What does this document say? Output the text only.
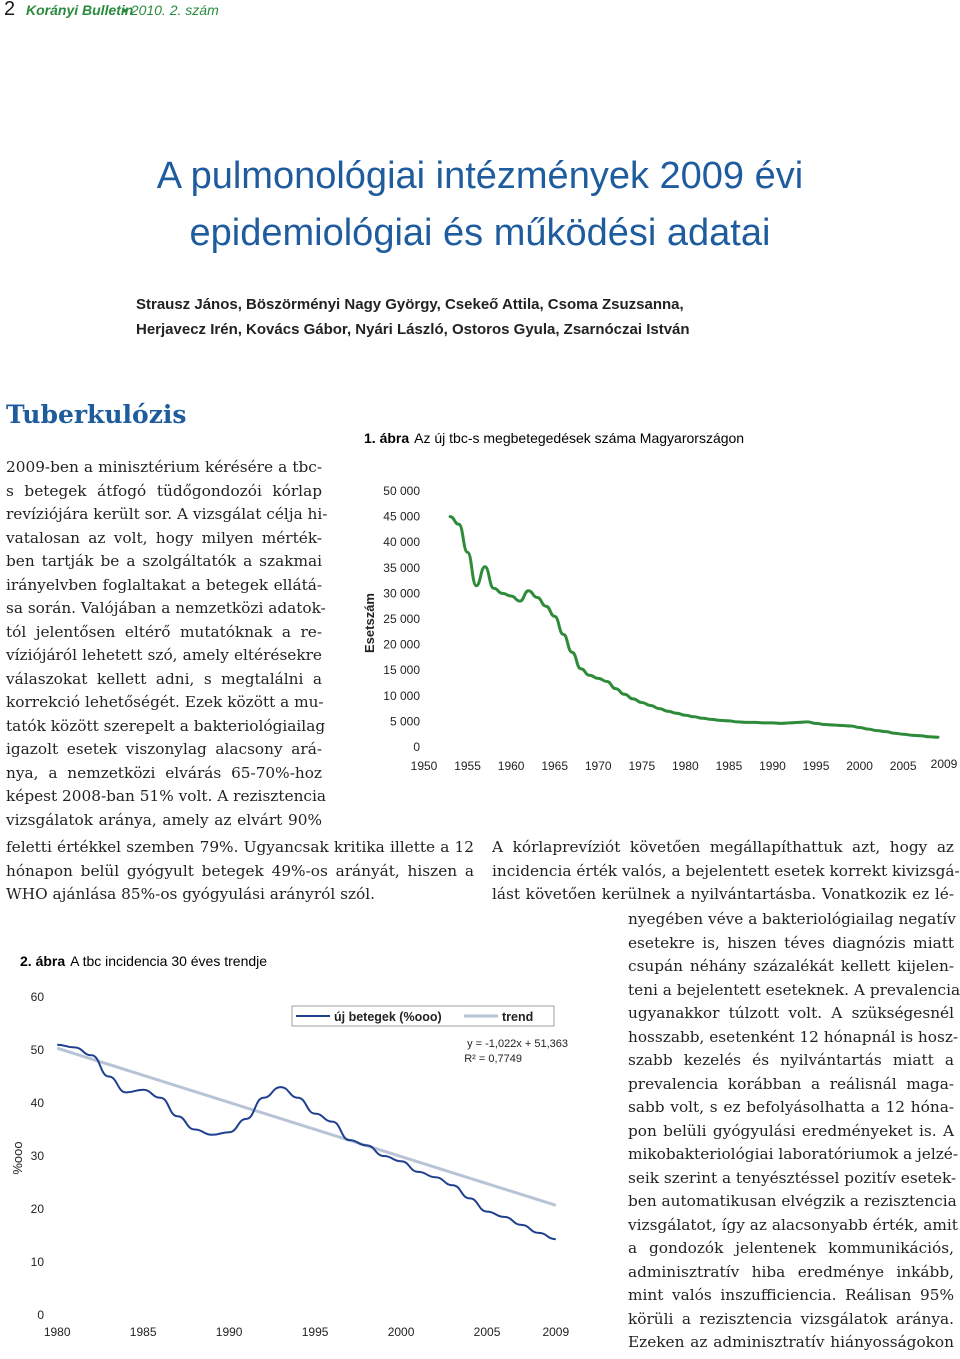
2 Korányi Bulletin
• 2010. 2. szám
A pulmonológiai intézmények 2009 évi
epidemiológiai és működési adatai
Strausz János, Böszörményi Nagy György, Csekeő Attila, Csoma Zsuzsanna,
Herjavecz Irén, Kovács Gábor, Nyári László, Ostoros Gyula, Zsarnóczai István
Tuberkulózis
2009-ben a minisztérium kérésére a tbc-
s betegek átfogó tüdőgondozói kórlap
revíziójára került sor. A vizsgálat célja hi-
vatalosan az volt, hogy milyen mérték-
ben tartják be a szolgáltatók a szakmai
irányelvben foglaltakat a betegek ellátá-
sa során. Valójában a nemzetközi adatok-
tól jelentősen eltérő mutatóknak a re-
víziójáról lehetett szó, amely eltérésekre
válaszokat kellett adni, s megtalálni a
korrekció lehetőségét. Ezek között a mu-
tatók között szerepelt a bakteriológiailag
igazolt esetek viszonylag alacsony ará-
nya, a nemzetközi elvárás 65-70%-hoz
képest 2008-ban 51% volt. A rezisztencia
vizsgálatok aránya, amely az elvárt 90%
feletti értékkel szemben 79%. Ugyancsak kritika illette a 12
hónapon belül gyógyult betegek 49%-os arányát, hiszen a
WHO ajánlása 85%-os gyógyulási arányról szól.
A kórlaprevíziót követően megállapíthattuk azt, hogy az
incidencia érték valós, a bejelentett esetek korrekt kivizsgá-
lást követően kerülnek a nyilvántartásba. Vonatkozik ez lé-
nyegében véve a bakteriológiailag negatív
esetekre is, hiszen téves diagnózis miatt
csupán néhány százalékát kellett kijelen-
teni a bejelentett eseteknek. A prevalencia
ugyanakkor túlzott volt. A szükségesnél
hosszabb, esetenként 12 hónapnál is hosz-
szabb kezelés és nyilvántartás miatt a
prevalencia korábban a reálisnál maga-
sabb volt, s ez befolyásolhatta a 12 hóna-
pon belüli gyógyulási eredményeket is. A
mikobakteriológiai laboratóriumok a jelzé-
seik szerint a tenyésztéssel pozitív esetek-
ben automatikusan elvégzik a rezisztencia
vizsgálatot, így az alacsonyabb érték, amit
a gondozók jelentenek kommunikációs,
adminisztratív hiba eredménye inkább,
mint valós inszufficiencia. Reálisan 95%
körüli a rezisztencia vizsgálatok aránya.
Ezeken az adminisztratív hiányosságokon
1. ábra Az új tbc-s megbetegedések száma Magyarországon
Esetszám
0
5 000
10 000
15 000
20 000
25 000
30 000
35 000
40 000
45 000
50 000
1950 1955 1960 1965 1970 1975 1980 1985 1990 1995 2000 2005 2009
2. ábra A tbc incidencia 30 éves trendje
%ooo
0
10
20
30
40
50
60
1980	1985	1990	1995	2000	2005	2009
új betegek (%ooo)	trend
y = -1,022x + 51,363
R² = 0,7749
